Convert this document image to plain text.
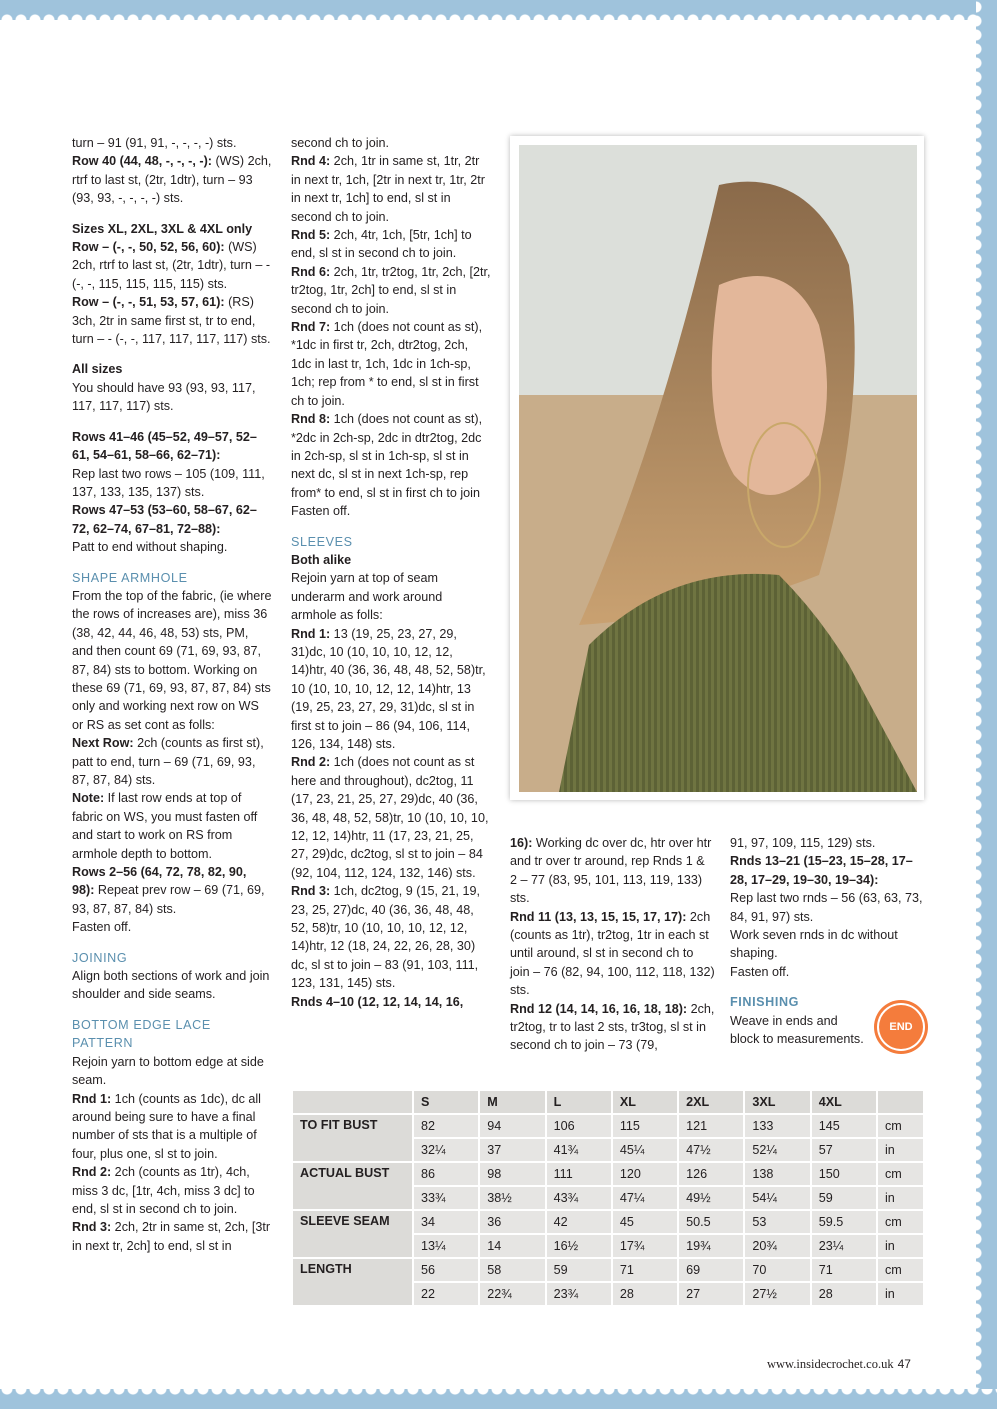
turn – 91 (91, 91, -, -, -, -) sts.

Row 40 (44, 48, -, -, -, -): (WS) 2ch, rtrf to last st, (2tr, 1dtr), turn – 93 (93, 93, -, -, -, -) sts.

Sizes XL, 2XL, 3XL & 4XL only

Row – (-, -, 50, 52, 56, 60): (WS) 2ch, rtrf to last st, (2tr, 1dtr), turn – - (-, -, 115, 115, 115, 115) sts.

Row – (-, -, 51, 53, 57, 61): (RS) 3ch, 2tr in same first st, tr to end, turn – - (-, -, 117, 117, 117, 117) sts.

All sizes

You should have 93 (93, 93, 117, 117, 117, 117) sts.

Rows 41–46 (45–52, 49–57, 52–61, 54–61, 58–66, 62–71):

Rep last two rows – 105 (109, 111, 137, 133, 135, 137) sts.

Rows 47–53 (53–60, 58–67, 62–72, 62–74, 67–81, 72–88):

Patt to end without shaping.

SHAPE ARMHOLE

From the top of the fabric, (ie where the rows of increases are), miss 36 (38, 42, 44, 46, 48, 53) sts, PM, and then count 69 (71, 69, 93, 87, 87, 84) sts to bottom. Working on these 69 (71, 69, 93, 87, 87, 84) sts only and working next row on WS or RS as set cont as folls:

Next Row: 2ch (counts as first st), patt to end, turn – 69 (71, 69, 93, 87, 87, 84) sts.

Note: If last row ends at top of fabric on WS, you must fasten off and start to work on RS from armhole depth to bottom.

Rows 2–56 (64, 72, 78, 82, 90, 98): Repeat prev row – 69 (71, 69, 93, 87, 87, 84) sts.

Fasten off.

JOINING

Align both sections of work and join shoulder and side seams.

BOTTOM EDGE LACE PATTERN

Rejoin yarn to bottom edge at side seam.

Rnd 1: 1ch (counts as 1dc), dc all around being sure to have a final number of sts that is a multiple of four, plus one, sl st to join.

Rnd 2: 2ch (counts as 1tr), 4ch, miss 3 dc, [1tr, 4ch, miss 3 dc] to end, sl st in second ch to join.

Rnd 3: 2ch, 2tr in same st, 2ch, [3tr in next tr, 2ch] to end, sl st in

second ch to join.

Rnd 4: 2ch, 1tr in same st, 1tr, 2tr in next tr, 1ch, [2tr in next tr, 1tr, 2tr in next tr, 1ch] to end, sl st in second ch to join.

Rnd 5: 2ch, 4tr, 1ch, [5tr, 1ch] to end, sl st in second ch to join.

Rnd 6: 2ch, 1tr, tr2tog, 1tr, 2ch, [2tr, tr2tog, 1tr, 2ch] to end, sl st in second ch to join.

Rnd 7: 1ch (does not count as st), *1dc in first tr, 2ch, dtr2tog, 2ch, 1dc in last tr, 1ch, 1dc in 1ch-sp, 1ch; rep from * to end, sl st in first ch to join.

Rnd 8: 1ch (does not count as st), *2dc in 2ch-sp, 2dc in dtr2tog, 2dc in 2ch-sp, sl st in 1ch-sp, sl st in next dc, sl st in next 1ch-sp, rep from* to end, sl st in first ch to join

Fasten off.

SLEEVES

Both alike

Rejoin yarn at top of seam underarm and work around armhole as folls:

Rnd 1: 13 (19, 25, 23, 27, 29, 31)dc, 10 (10, 10, 10, 12, 12, 14)htr, 40 (36, 36, 48, 48, 52, 58)tr, 10 (10, 10, 10, 12, 12, 14)htr, 13 (19, 25, 23, 27, 29, 31)dc, sl st in first st to join – 86 (94, 106, 114, 126, 134, 148) sts.

Rnd 2: 1ch (does not count as st here and throughout), dc2tog, 11 (17, 23, 21, 25, 27, 29)dc, 40 (36, 36, 48, 48, 52, 58)tr, 10 (10, 10, 10, 12, 12, 14)htr, 11 (17, 23, 21, 25, 27, 29)dc, dc2tog, sl st to join – 84 (92, 104, 112, 124, 132, 146) sts.

Rnd 3: 1ch, dc2tog, 9 (15, 21, 19, 23, 25, 27)dc, 40 (36, 36, 48, 48, 52, 58)tr, 10 (10, 10, 10, 12, 12, 14)htr, 12 (18, 24, 22, 26, 28, 30) dc, sl st to join – 83 (91, 103, 111, 123, 131, 145) sts.

Rnds 4–10 (12, 12, 14, 14, 16,

16): Working dc over dc, htr over htr and tr over tr around, rep Rnds 1 & 2 – 77 (83, 95, 101, 113, 119, 133) sts.

Rnd 11 (13, 13, 15, 15, 17, 17): 2ch (counts as 1tr), tr2tog, 1tr in each st until around, sl st in second ch to join – 76 (82, 94, 100, 112, 118, 132) sts.

Rnd 12 (14, 14, 16, 16, 18, 18): 2ch, tr2tog, tr to last 2 sts, tr3tog, sl st in second ch to join – 73 (79,

91, 97, 109, 115, 129) sts.

Rnds 13–21 (15–23, 15–28, 17–28, 17–29, 19–30, 19–34):

Rep last two rnds – 56 (63, 63, 73, 84, 91, 97) sts.

Work seven rnds in dc without shaping.

Fasten off.

FINISHING

Weave in ends and block to measurements.

END
	S	M	L	XL	2XL	3XL	4XL	
TO FIT BUST	82	94	106	115	121	133	145	cm
	32¼	37	41¾	45¼	47½	52¼	57	in
ACTUAL BUST	86	98	111	120	126	138	150	cm
	33¾	38½	43¾	47¼	49½	54¼	59	in
SLEEVE SEAM	34	36	42	45	50.5	53	59.5	cm
	13¼	14	16½	17¾	19¾	20¾	23¼	in
LENGTH	56	58	59	71	69	70	71	cm
	22	22¾	23¾	28	27	27½	28	in
www.insidecrochet.co.uk 47
